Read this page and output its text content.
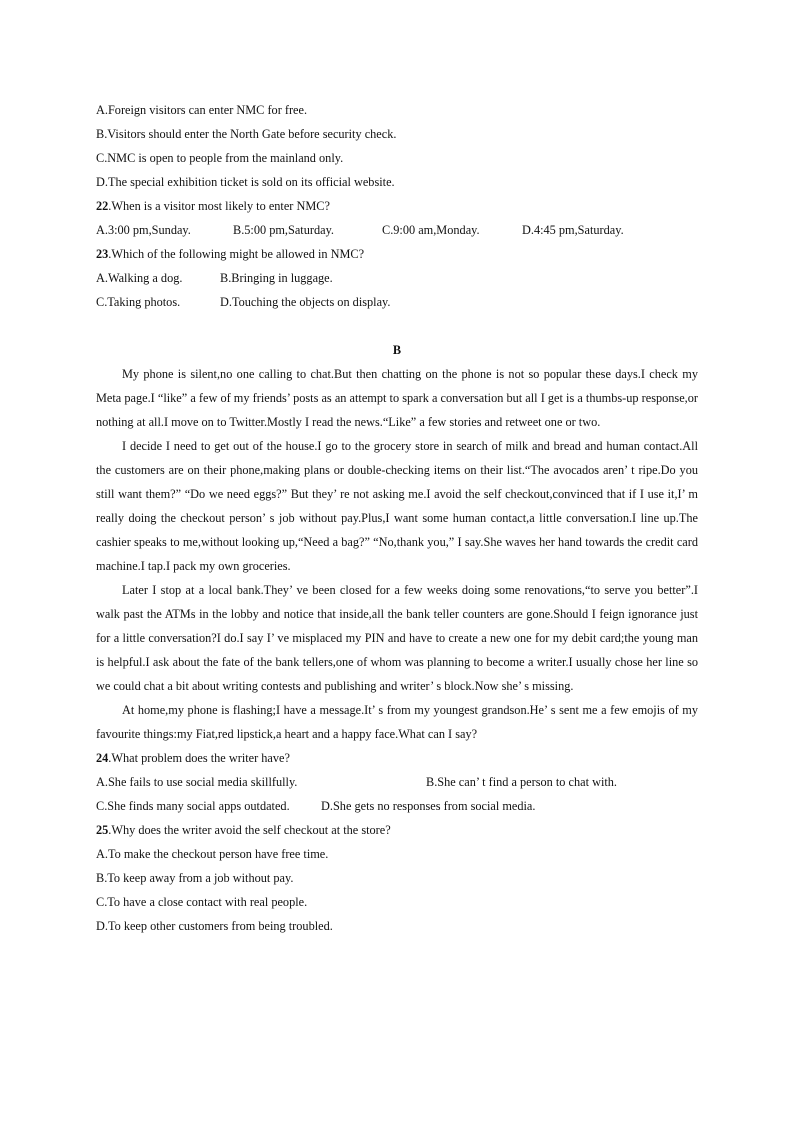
A.Foreign visitors can enter NMC for free.
B.Visitors should enter the North Gate before security check.
C.NMC is open to people from the mainland only.
D.The special exhibition ticket is sold on its official website.
22.When is a visitor most likely to enter NMC?
A.3:00 pm,Sunday.	B.5:00 pm,Saturday.	C.9:00 am,Monday.	D.4:45 pm,Saturday.
23.Which of the following might be allowed in NMC?
A.Walking a dog.	B.Bringing in luggage.
C.Taking photos.	D.Touching the objects on display.
B

My phone is silent,no one calling to chat.But then chatting on the phone is not so popular these days.I check my Meta page.I “like” a few of my friends’ posts as an attempt to spark a conversation but all I get is a thumbs-up response,or nothing at all.I move on to Twitter.Mostly I read the news.“Like” a few stories and retweet one or two.

I decide I need to get out of the house.I go to the grocery store in search of milk and bread and human contact.All the customers are on their phone,making plans or double-checking items on their list.“The avocados aren’ t ripe.Do you still want them?” “Do we need eggs?” But they’ re not asking me.I avoid the self checkout,convinced that if I use it,I’ m really doing the checkout person’ s job without pay.Plus,I want some human contact,a little conversation.I line up.The cashier speaks to me,without looking up,“Need a bag?” “No,thank you,” I say.She waves her hand towards the credit card machine.I tap.I pack my own groceries.

Later I stop at a local bank.They’ ve been closed for a few weeks doing some renovations,“to serve you better”.I walk past the ATMs in the lobby and notice that inside,all the bank teller counters are gone.Should I feign ignorance just for a little conversation?I do.I say I’ ve misplaced my PIN and have to create a new one for my debit card;the young man is helpful.I ask about the fate of the bank tellers,one of whom was planning to become a writer.I usually chose her line so we could chat a bit about writing contests and publishing and writer’ s block.Now she’ s missing.

At home,my phone is flashing;I have a message.It’ s from my youngest grandson.He’ s sent me a few emojis of my favourite things:my Fiat,red lipstick,a heart and a happy face.What can I say?

24.What problem does the writer have?
A.She fails to use social media skillfully.	B.She can’ t find a person to chat with.
C.She finds many social apps outdated.	D.She gets no responses from social media.
25.Why does the writer avoid the self checkout at the store?
A.To make the checkout person have free time.
B.To keep away from a job without pay.
C.To have a close contact with real people.
D.To keep other customers from being troubled.
